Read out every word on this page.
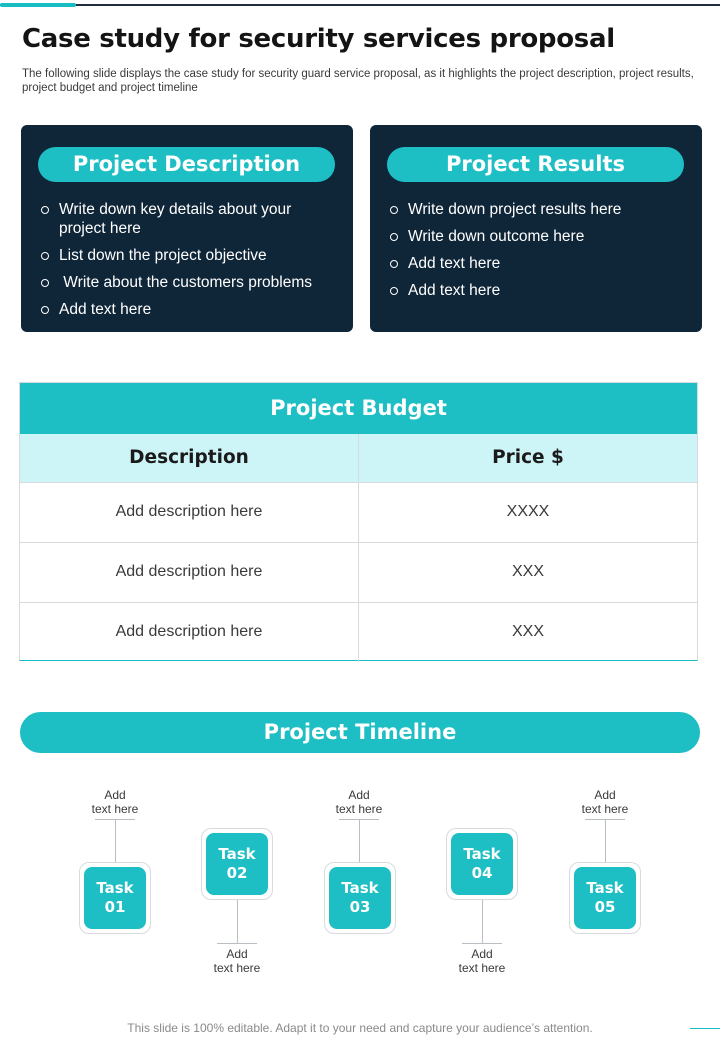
Case study for security services proposal

The following slide displays the case study for security guard service proposal, as it highlights the project description, project results, project budget and project timeline

Project Description
Write down key details about your project here
List down the project objective
Write about the customers problems
Add text here
Project Results
Write down project results here
Write down outcome here
Add text here
Add text here
Project Budget
Description	Price $
Add description here	XXXX
Add description here	XXX
Add description here	XXX
Project Timeline
Add
text here
Task
01
Task
02
Add
text here
Add
text here
Task
03
Task
04
Add
text here
Add
text here
Task
05
This slide is 100% editable. Adapt it to your need and capture your audience’s attention.
